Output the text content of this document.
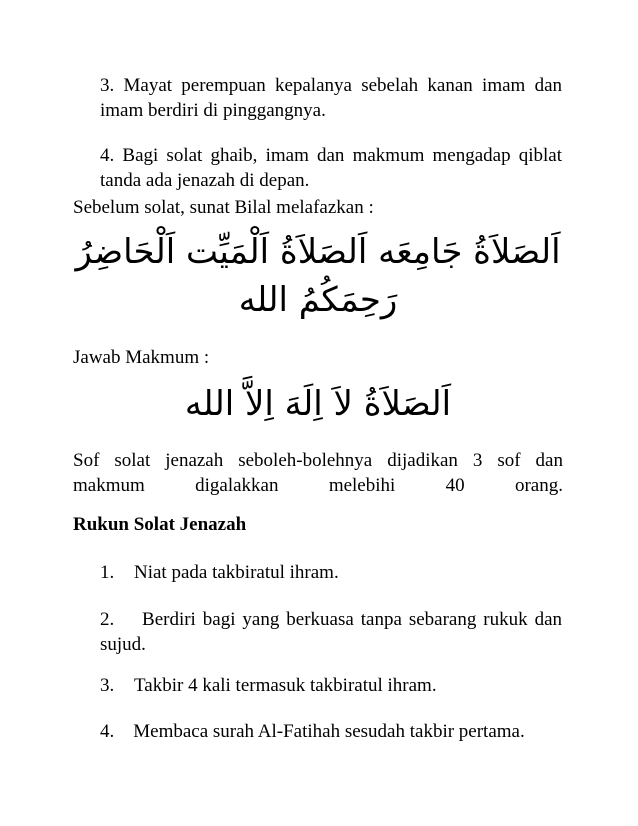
3. Mayat perempuan kepalanya sebelah kanan imam dan imam berdiri di pinggangnya.

4. Bagi solat ghaib, imam dan makmum mengadap qiblat tanda ada jenazah di depan.

Sebelum solat, sunat Bilal melafazkan :

اَلصَلاَةُ جَامِعَه اَلصَلاَةُ اَلْمَيِّت اَلْحَاضِرُ

رَحِمَكُمُ الله

Jawab Makmum :

اَلصَلاَةُ لاَ اِلَهَ اِلاَّ الله

Sof solat jenazah seboleh-bolehnya dijadikan 3 sof dan makmum digalakkan melebihi 40 orang.

Rukun Solat Jenazah

1. Niat pada takbiratul ihram.

2. Berdiri bagi yang berkuasa tanpa sebarang rukuk dan sujud.

3. Takbir 4 kali termasuk takbiratul ihram.

4. Membaca surah Al-Fatihah sesudah takbir pertama.
